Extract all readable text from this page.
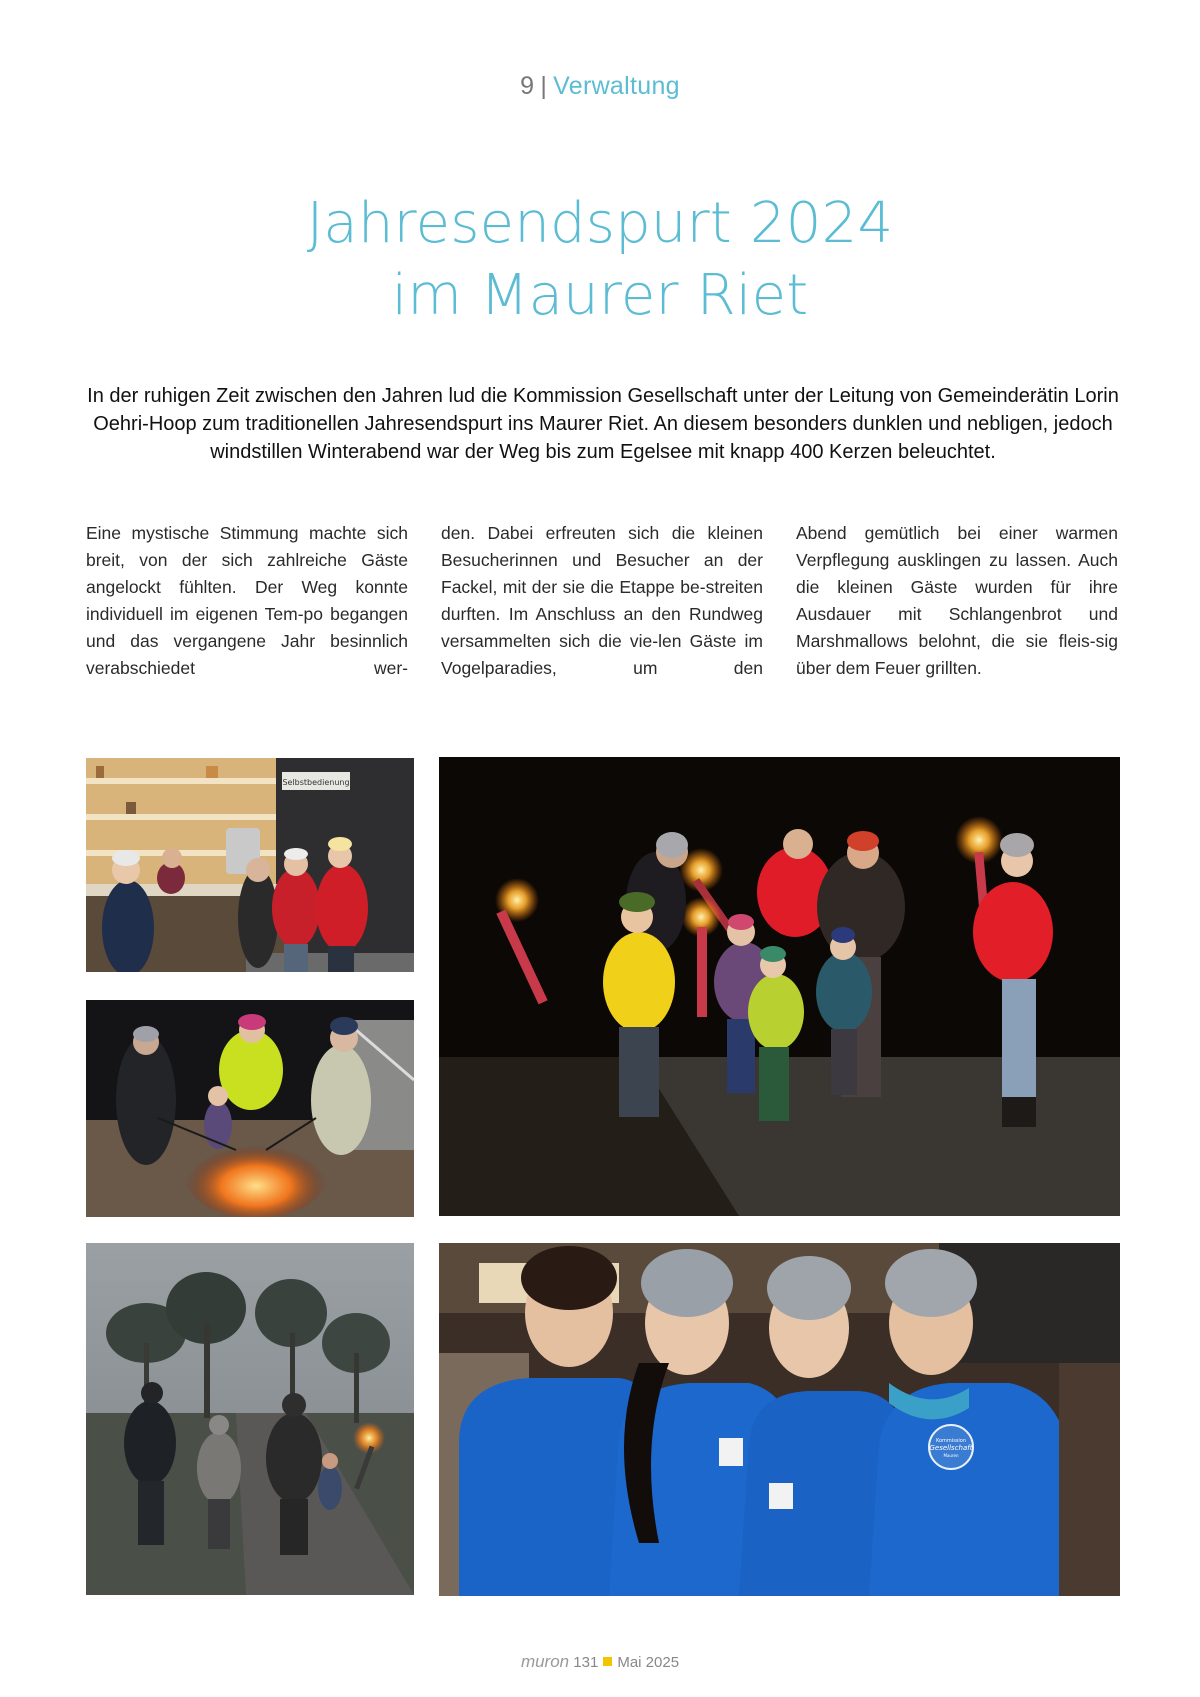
9 | Verwaltung
Jahresendspurt 2024
im Maurer Riet
In der ruhigen Zeit zwischen den Jahren lud die Kommission Gesellschaft unter der Leitung von Gemeinderätin Lorin Oehri-Hoop zum traditionellen Jahresendspurt ins Maurer Riet. An diesem besonders dunklen und nebligen, jedoch windstillen Winterabend war der Weg bis zum Egelsee mit knapp 400 Kerzen beleuchtet.
Eine mystische Stimmung machte sich breit, von der sich zahlreiche Gäste angelockt fühlten. Der Weg konnte individuell im eigenen Tem-po begangen und das vergangene Jahr besinnlich verabschiedet wer-
den. Dabei erfreuten sich die kleinen Besucherinnen und Besucher an der Fackel, mit der sie die Etappe be-streiten durften. Im Anschluss an den Rundweg versammelten sich die vie-len Gäste im Vogelparadies, um den
Abend gemütlich bei einer warmen Verpflegung ausklingen zu lassen. Auch die kleinen Gäste wurden für ihre Ausdauer mit Schlangenbrot und Marshmallows belohnt, die sie fleis-sig über dem Feuer grillten.
Selbstbedienung
Kommission
Gesellschaft
Mauren
muron 131 Mai 2025
